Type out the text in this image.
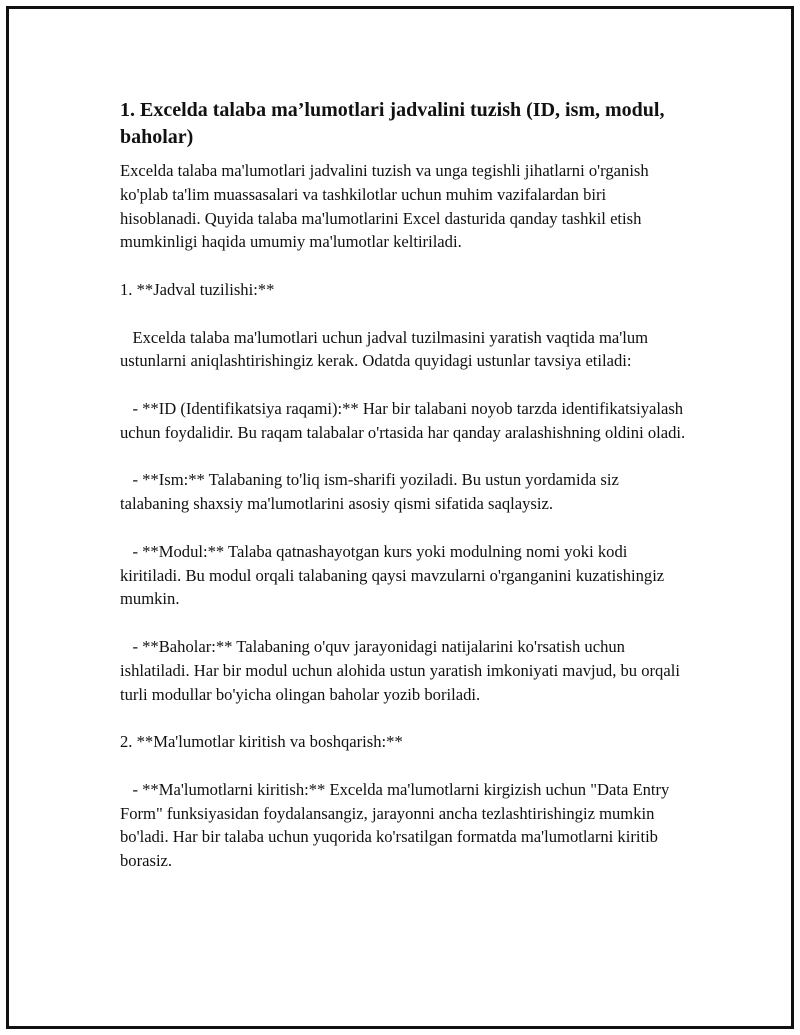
1. Excelda talaba ma’lumotlari jadvalini tuzish (ID, ism, modul, baholar)

Excelda talaba ma'lumotlari jadvalini tuzish va unga tegishli jihatlarni o'rganish ko'plab ta'lim muassasalari va tashkilotlar uchun muhim vazifalardan biri hisoblanadi. Quyida talaba ma'lumotlarini Excel dasturida qanday tashkil etish mumkinligi haqida umumiy ma'lumotlar keltiriladi.

1. **Jadval tuzilishi:**

Excelda talaba ma'lumotlari uchun jadval tuzilmasini yaratish vaqtida ma'lum ustunlarni aniqlashtirishingiz kerak. Odatda quyidagi ustunlar tavsiya etiladi:

- **ID (Identifikatsiya raqami):** Har bir talabani noyob tarzda identifikatsiyalash uchun foydalidir. Bu raqam talabalar o'rtasida har qanday aralashishning oldini oladi.

- **Ism:** Talabaning to'liq ism-sharifi yoziladi. Bu ustun yordamida siz talabaning shaxsiy ma'lumotlarini asosiy qismi sifatida saqlaysiz.

- **Modul:** Talaba qatnashayotgan kurs yoki modulning nomi yoki kodi kiritiladi. Bu modul orqali talabaning qaysi mavzularni o'rganganini kuzatishingiz mumkin.

- **Baholar:** Talabaning o'quv jarayonidagi natijalarini ko'rsatish uchun ishlatiladi. Har bir modul uchun alohida ustun yaratish imkoniyati mavjud, bu orqali turli modullar bo'yicha olingan baholar yozib boriladi.

2. **Ma'lumotlar kiritish va boshqarish:**

- **Ma'lumotlarni kiritish:** Excelda ma'lumotlarni kirgizish uchun "Data Entry Form" funksiyasidan foydalansangiz, jarayonni ancha tezlashtirishingiz mumkin bo'ladi. Har bir talaba uchun yuqorida ko'rsatilgan formatda ma'lumotlarni kiritib borasiz.
